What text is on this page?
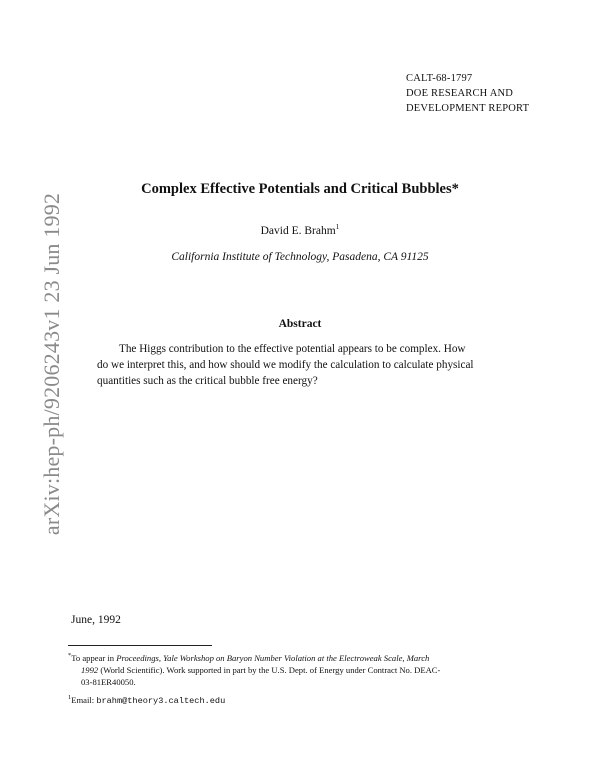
arXiv:hep-ph/9206243v1 23 Jun 1992
CALT-68-1797
DOE RESEARCH AND
DEVELOPMENT REPORT
Complex Effective Potentials and Critical Bubbles*
David E. Brahm$^1$
California Institute of Technology, Pasadena, CA 91125
Abstract
The Higgs contribution to the effective potential appears to be complex. How
do we interpret this, and how should we modify the calculation to calculate physical
quantities such as the critical bubble free energy?
June, 1992
*To appear in Proceedings, Yale Workshop on Baryon Number Violation at the Electroweak Scale, March
1992 (World Scientific). Work supported in part by the U.S. Dept. of Energy under Contract No. DEAC-
03-81ER40050.
$^1$Email: brahm@theory3.caltech.edu
